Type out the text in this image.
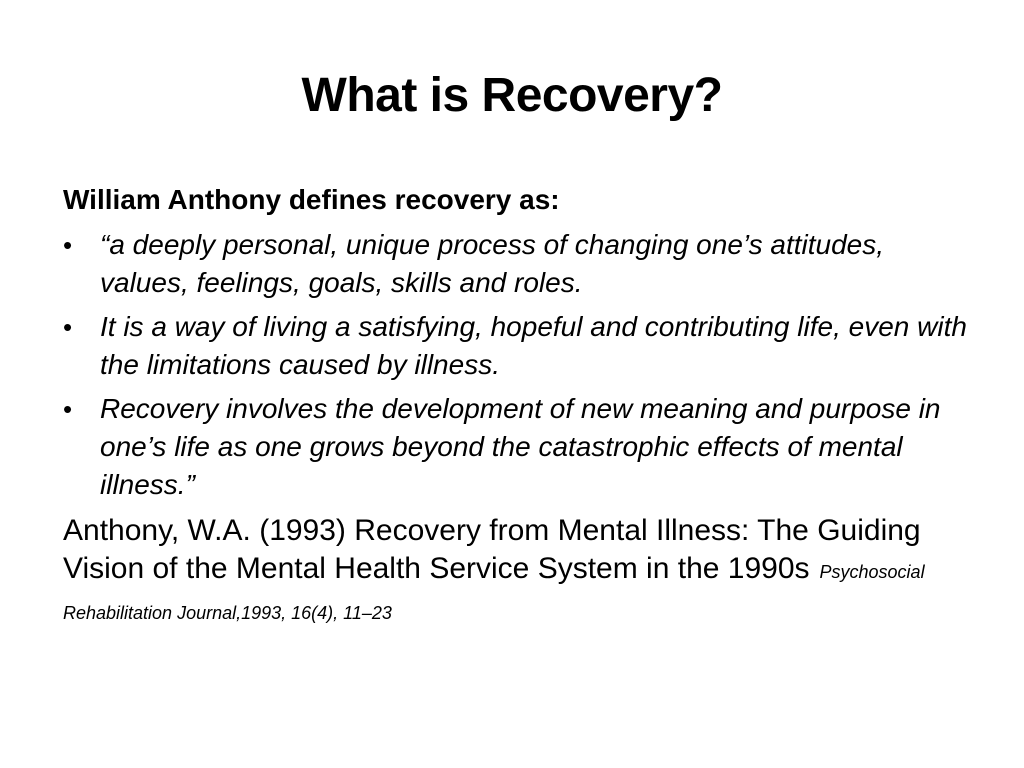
What is Recovery?

William Anthony defines recovery as:

• “a deeply personal, unique process of changing one’s attitudes, values, feelings, goals, skills and roles.
• It is a way of living a satisfying, hopeful and contributing life, even with the limitations caused by illness.
• Recovery involves the development of new meaning and purpose in one’s life as one grows beyond the catastrophic effects of mental illness.”
Anthony, W.A. (1993) Recovery from Mental Illness: The Guiding Vision of the Mental Health Service System in the 1990s Psychosocial Rehabilitation Journal,1993, 16(4), 11–23
